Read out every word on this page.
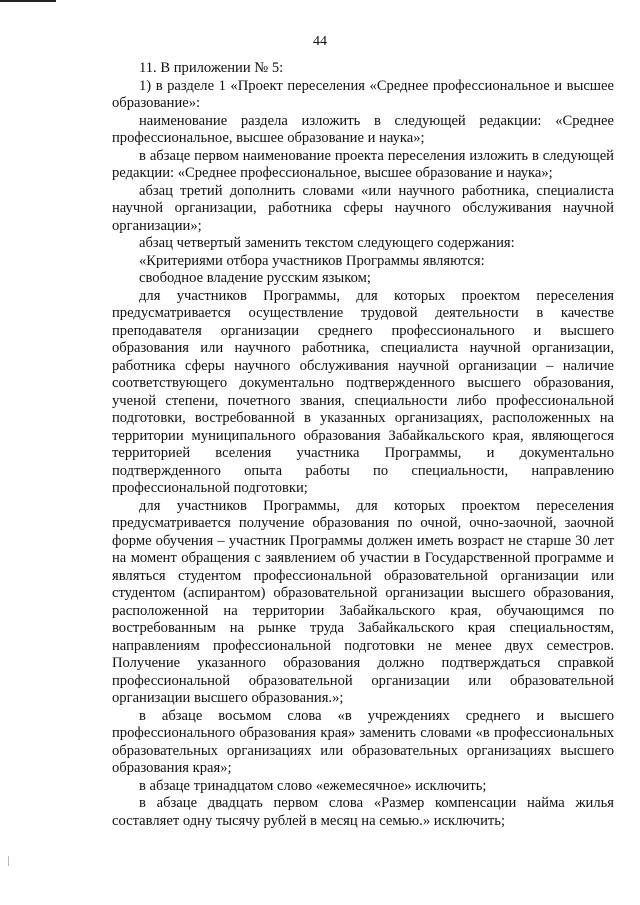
44

11. В приложении № 5:

1) в разделе 1 «Проект переселения «Среднее профессиональное и высшее образование»:

наименование раздела изложить в следующей редакции: «Среднее профессиональное, высшее образование и наука»;

в абзаце первом наименование проекта переселения изложить в следующей редакции: «Среднее профессиональное, высшее образование и наука»;

абзац третий дополнить словами «или научного работника, специалиста научной организации, работника сферы научного обслуживания научной организации»;

абзац четвертый заменить текстом следующего содержания:

«Критериями отбора участников Программы являются:

свободное владение русским языком;

для участников Программы, для которых проектом переселения предусматривается осуществление трудовой деятельности в качестве преподавателя организации среднего профессионального и высшего образования или научного работника, специалиста научной организации, работника сферы научного обслуживания научной организации – наличие соответствующего документально подтвержденного высшего образования, ученой степени, почетного звания, специальности либо профессиональной подготовки, востребованной в указанных организациях, расположенных на территории муниципального образования Забайкальского края, являющегося территорией вселения участника Программы, и документально подтвержденного опыта работы по специальности, направлению профессиональной подготовки;

для участников Программы, для которых проектом переселения предусматривается получение образования по очной, очно-заочной, заочной форме обучения – участник Программы должен иметь возраст не старше 30 лет на момент обращения с заявлением об участии в Государственной программе и являться студентом профессиональной образовательной организации или студентом (аспирантом) образовательной организации высшего образования, расположенной на территории Забайкальского края, обучающимся по востребованным на рынке труда Забайкальского края специальностям, направлениям профессиональной подготовки не менее двух семестров. Получение указанного образования должно подтверждаться справкой профессиональной образовательной организации или образовательной организации высшего образования.»;

в абзаце восьмом слова «в учреждениях среднего и высшего профессионального образования края» заменить словами «в профессиональных образовательных организациях или образовательных организациях высшего образования края»;

в абзаце тринадцатом слово «ежемесячное» исключить;

в абзаце двадцать первом слова «Размер компенсации найма жилья составляет одну тысячу рублей в месяц на семью.» исключить;
